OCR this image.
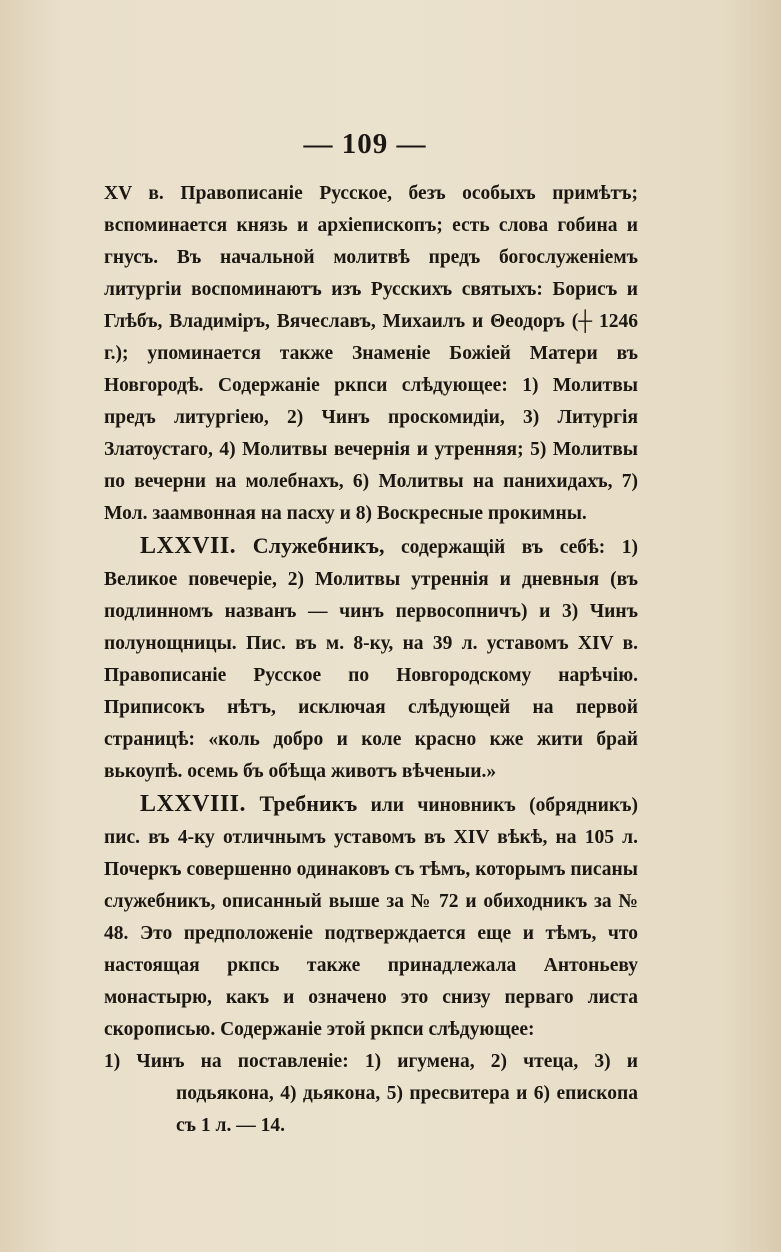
— 109 —

XV в. Правописаніе Русское, безъ особыхъ примѣтъ; вспоминается князь и архіепископъ; есть слова гобина и гнусъ. Въ начальной молитвѣ предъ богослуженіемъ литургіи воспоминаютъ изъ Русскихъ святыхъ: Борисъ и Глѣбъ, Владиміръ, Вячеславъ, Михаилъ и Θеодоръ (┼ 1246 г.); упоминается также Знаменіе Божіей Матери въ Новгородѣ. Содержаніе ркпси слѣдующее: 1) Молитвы предъ литургіею, 2) Чинъ проскомидіи, 3) Литургія Златоустаго, 4) Молитвы вечернія и утренняя; 5) Молитвы по вечерни на молебнахъ, 6) Молитвы на панихидахъ, 7) Мол. заамвонная на пасху и 8) Воскресные прокимны.

LXXVII. Служебникъ, содержащій въ себѣ: 1) Великое повечеріе, 2) Молитвы утреннія и дневныя (въ подлинномъ названъ — чинъ первосопничъ) и 3) Чинъ полунощницы. Пис. въ м. 8-ку, на 39 л. уставомъ XIV в. Правописаніе Русское по Новгородскому нарѣчію. Приписокъ нѣтъ, исключая слѣдующей на первой страницѣ: «коль добро и коле красно кже жити брай вькоупѣ. осемь бъ обѣща животъ вѣченыи.»

LXXVIII. Требникъ или чиновникъ (обрядникъ) пис. въ 4-ку отличнымъ уставомъ въ XIV вѣкѣ, на 105 л. Почеркъ совершенно одинаковъ съ тѣмъ, которымъ писаны служебникъ, описанный выше за № 72 и обиходникъ за № 48. Это предположеніе подтверждается еще и тѣмъ, что настоящая ркпсь также принадлежала Антоньеву монастырю, какъ и означено это снизу перваго листа скорописью. Содержаніе этой ркпси слѣдующее:

1) Чинъ на поставленіе: 1) игумена, 2) чтеца, 3) и подьякона, 4) дьякона, 5) пресвитера и 6) епископа съ 1 л. — 14.
